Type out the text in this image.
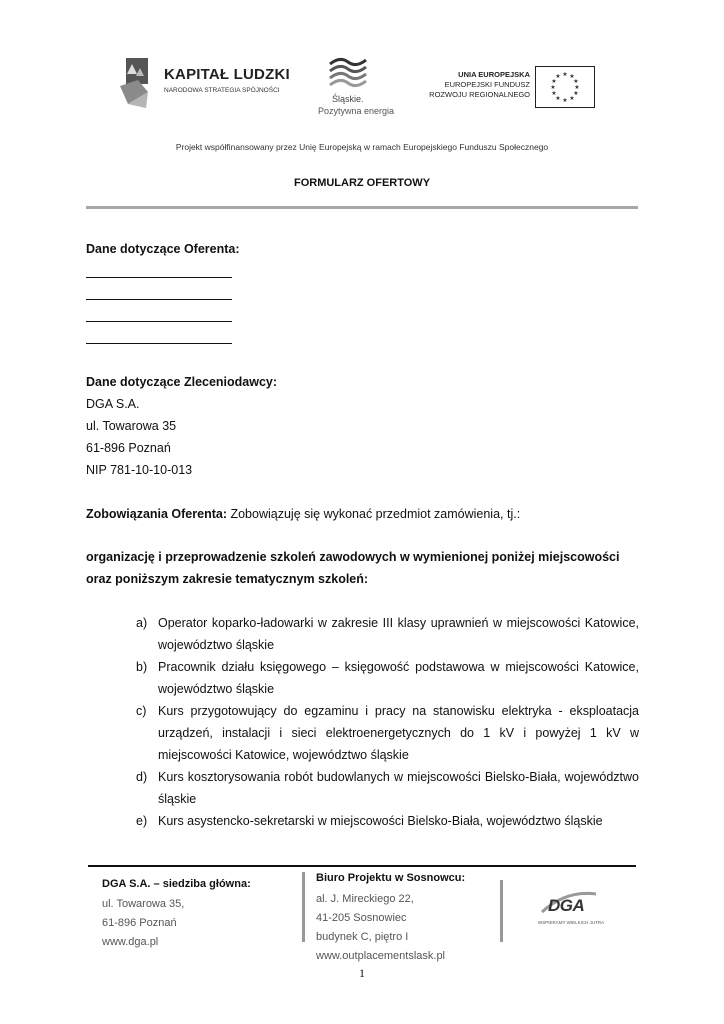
KAPITAŁ LUDZKI
NARODOWA STRATEGIA SPÓJNOŚCI
Śląskie.
Pozytywna energia
UNIA EUROPEJSKA
EUROPEJSKI FUNDUSZ
ROZWOJU REGIONALNEGO
★ ★
★
★
★
★
★
★
★
★
★
★
Projekt współfinansowany przez Unię Europejską w ramach Europejskiego Funduszu Społecznego
FORMULARZ OFERTOWY
Dane dotyczące Oferenta:
Dane dotyczące Zleceniodawcy:
DGA S.A.
ul. Towarowa 35
61-896 Poznań
NIP 781-10-10-013
Zobowiązania Oferenta: Zobowiązuję się wykonać przedmiot zamówienia, tj.:
organizację i przeprowadzenie szkoleń zawodowych w wymienionej poniżej miejscowości
oraz poniższym zakresie tematycznym szkoleń:
a) Operator koparko-ładowarki w zakresie III klasy uprawnień w miejscowości Katowice, województwo śląskie
b) Pracownik działu księgowego – księgowość podstawowa w miejscowości Katowice, województwo śląskie
c) Kurs przygotowujący do egzaminu i pracy na stanowisku elektryka - eksploatacja urządzeń, instalacji i sieci elektroenergetycznych do 1 kV i powyżej 1 kV w miejscowości Katowice, województwo śląskie
d) Kurs kosztorysowania robót budowlanych w miejscowości Bielsko-Biała, województwo śląskie
e) Kurs asystencko-sekretarski w miejscowości Bielsko-Biała, województwo śląskie
DGA S.A. – siedziba główna:
ul. Towarowa 35,
61-896 Poznań
www.dga.pl
Biuro Projektu w Sosnowcu:
al. J. Mireckiego 22,
41-205 Sosnowiec
budynek C, piętro I
www.outplacementslask.pl
DGA
WSPIERAMY WIELKICH JUTRA
1
